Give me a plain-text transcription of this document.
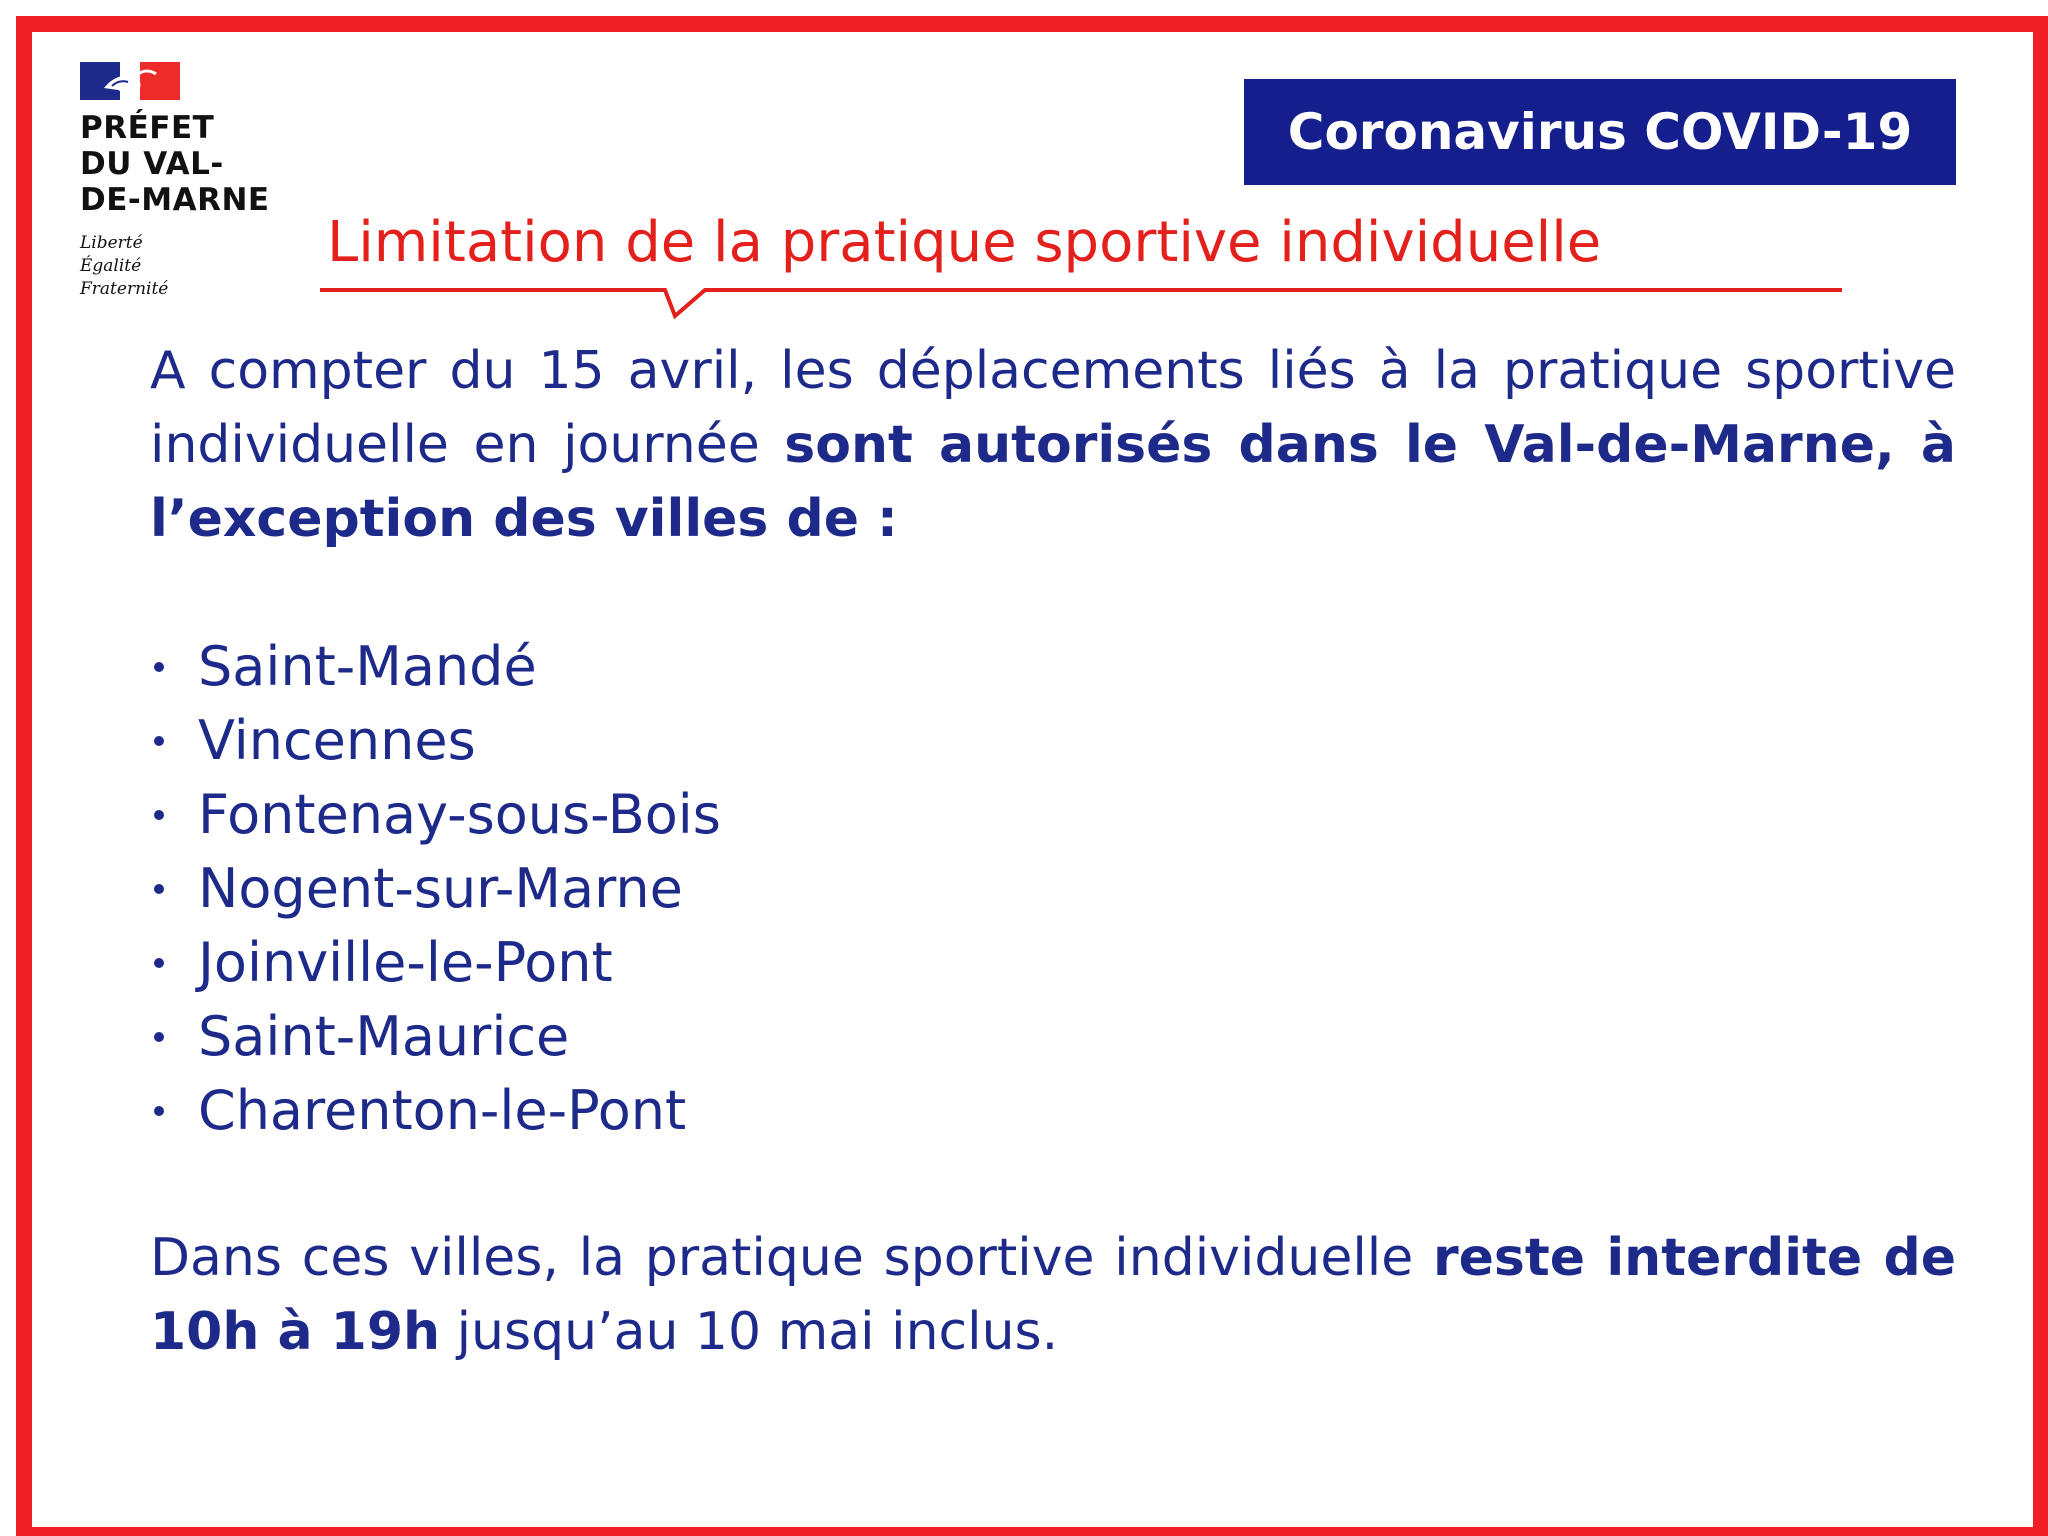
PRÉFET
DU VAL-
DE-MARNE
Liberté
Égalité
Fraternité
Coronavirus COVID-19
Limitation de la pratique sportive individuelle
A compter du 15 avril, les déplacements liés à la pratique sportive individuelle en journée sont autorisés dans le Val-de-Marne, à l’exception des villes de :
Saint-Mandé
Vincennes
Fontenay-sous-Bois
Nogent-sur-Marne
Joinville-le-Pont
Saint-Maurice
Charenton-le-Pont
Dans ces villes, la pratique sportive individuelle reste interdite de 10h à 19h jusqu’au 10 mai inclus.
